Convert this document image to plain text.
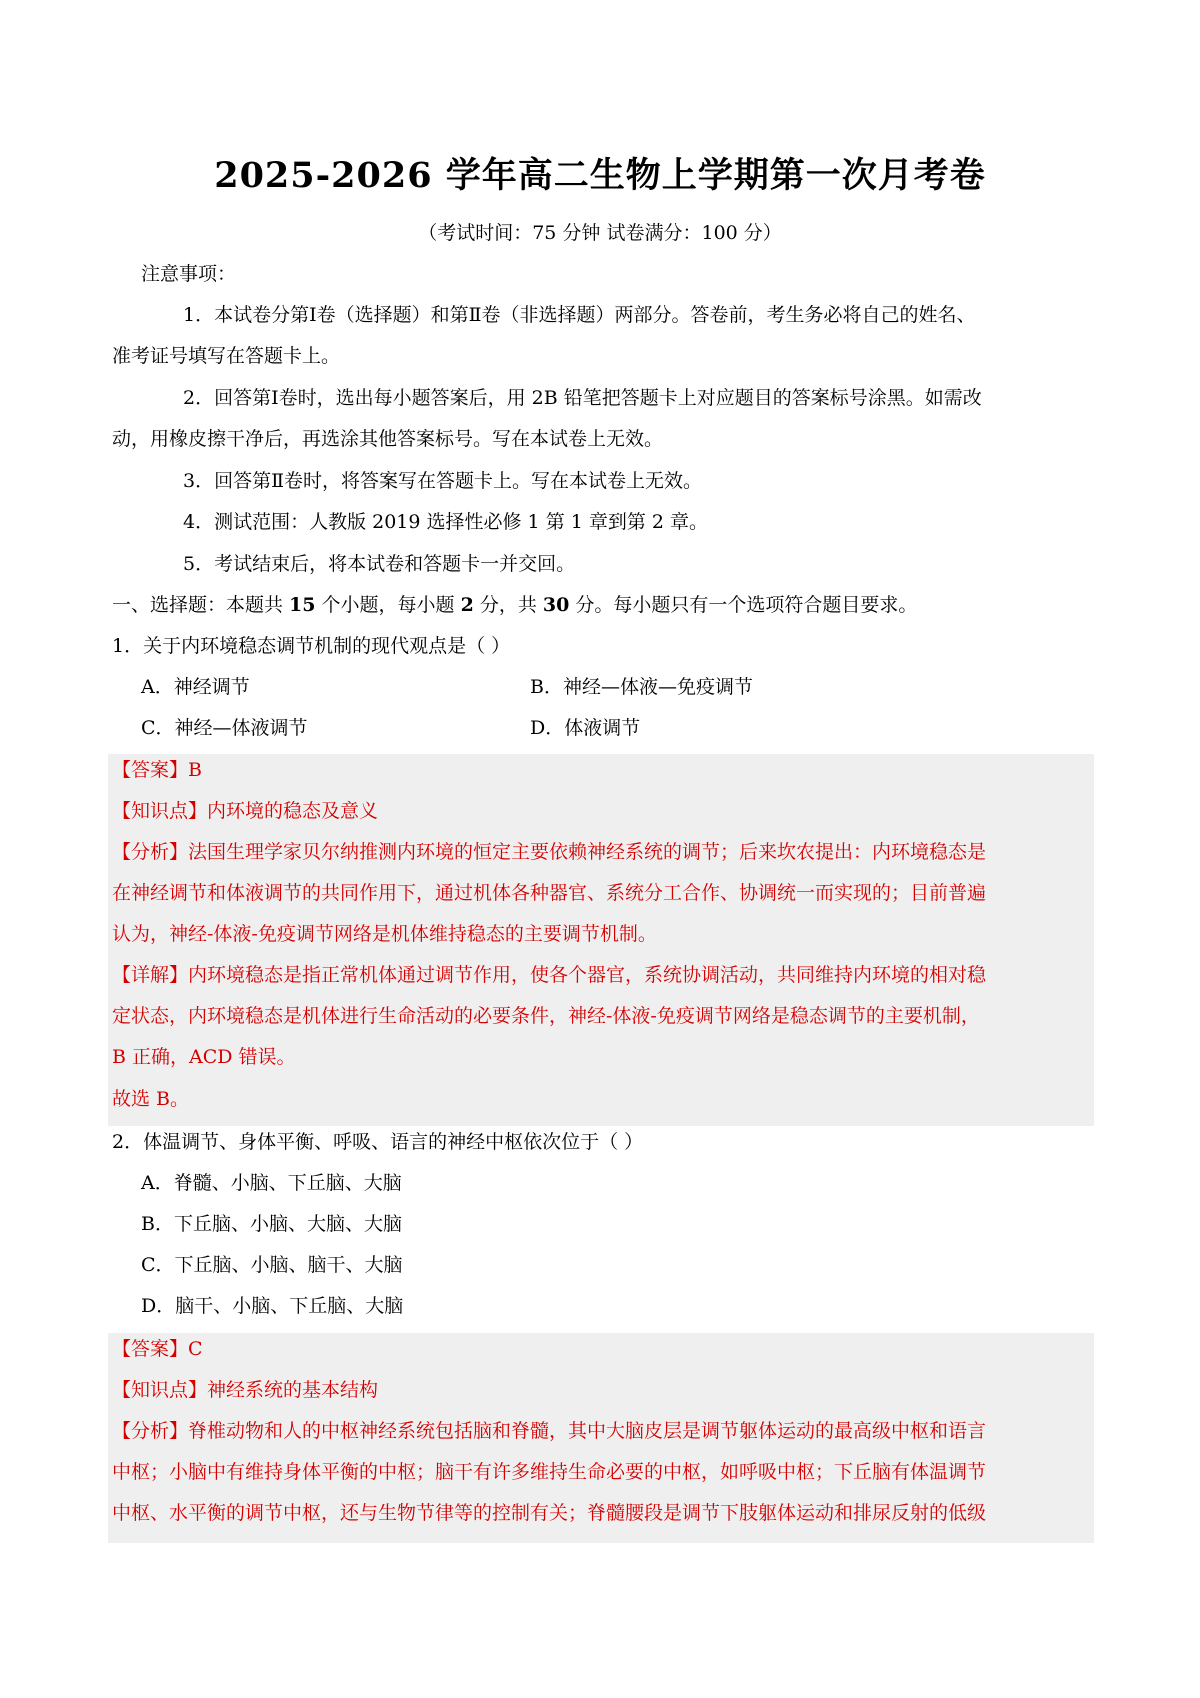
2025-2026 学年高二生物上学期第一次月考卷
（考试时间：75 分钟 试卷满分：100 分）
注意事项：
1．本试卷分第Ⅰ卷（选择题）和第Ⅱ卷（非选择题）两部分。答卷前，考生务必将自己的姓名、
准考证号填写在答题卡上。
2．回答第Ⅰ卷时，选出每小题答案后，用 2B 铅笔把答题卡上对应题目的答案标号涂黑。如需改
动，用橡皮擦干净后，再选涂其他答案标号。写在本试卷上无效。
3．回答第Ⅱ卷时，将答案写在答题卡上。写在本试卷上无效。
4．测试范围：人教版 2019 选择性必修 1 第 1 章到第 2 章。
5．考试结束后，将本试卷和答题卡一并交回。
一、选择题：本题共 15 个小题，每小题 2 分，共 30 分。每小题只有一个选项符合题目要求。
1．关于内环境稳态调节机制的现代观点是（ ）
A．神经调节	B．神经—体液—免疫调节
C．神经—体液调节	D．体液调节
【答案】B
【知识点】内环境的稳态及意义
【分析】法国生理学家贝尔纳推测内环境的恒定主要依赖神经系统的调节；后来坎农提出：内环境稳态是
在神经调节和体液调节的共同作用下，通过机体各种器官、系统分工合作、协调统一而实现的；目前普遍
认为，神经-体液-免疫调节网络是机体维持稳态的主要调节机制。
【详解】内环境稳态是指正常机体通过调节作用，使各个器官，系统协调活动，共同维持内环境的相对稳
定状态，内环境稳态是机体进行生命活动的必要条件，神经-体液-免疫调节网络是稳态调节的主要机制，
B 正确，ACD 错误。
故选 B。
2．体温调节、身体平衡、呼吸、语言的神经中枢依次位于（ ）
A．脊髓、小脑、下丘脑、大脑
B．下丘脑、小脑、大脑、大脑
C．下丘脑、小脑、脑干、大脑
D．脑干、小脑、下丘脑、大脑
【答案】C
【知识点】神经系统的基本结构
【分析】脊椎动物和人的中枢神经系统包括脑和脊髓，其中大脑皮层是调节躯体运动的最高级中枢和语言
中枢；小脑中有维持身体平衡的中枢；脑干有许多维持生命必要的中枢，如呼吸中枢；下丘脑有体温调节
中枢、水平衡的调节中枢，还与生物节律等的控制有关；脊髓腰段是调节下肢躯体运动和排尿反射的低级
